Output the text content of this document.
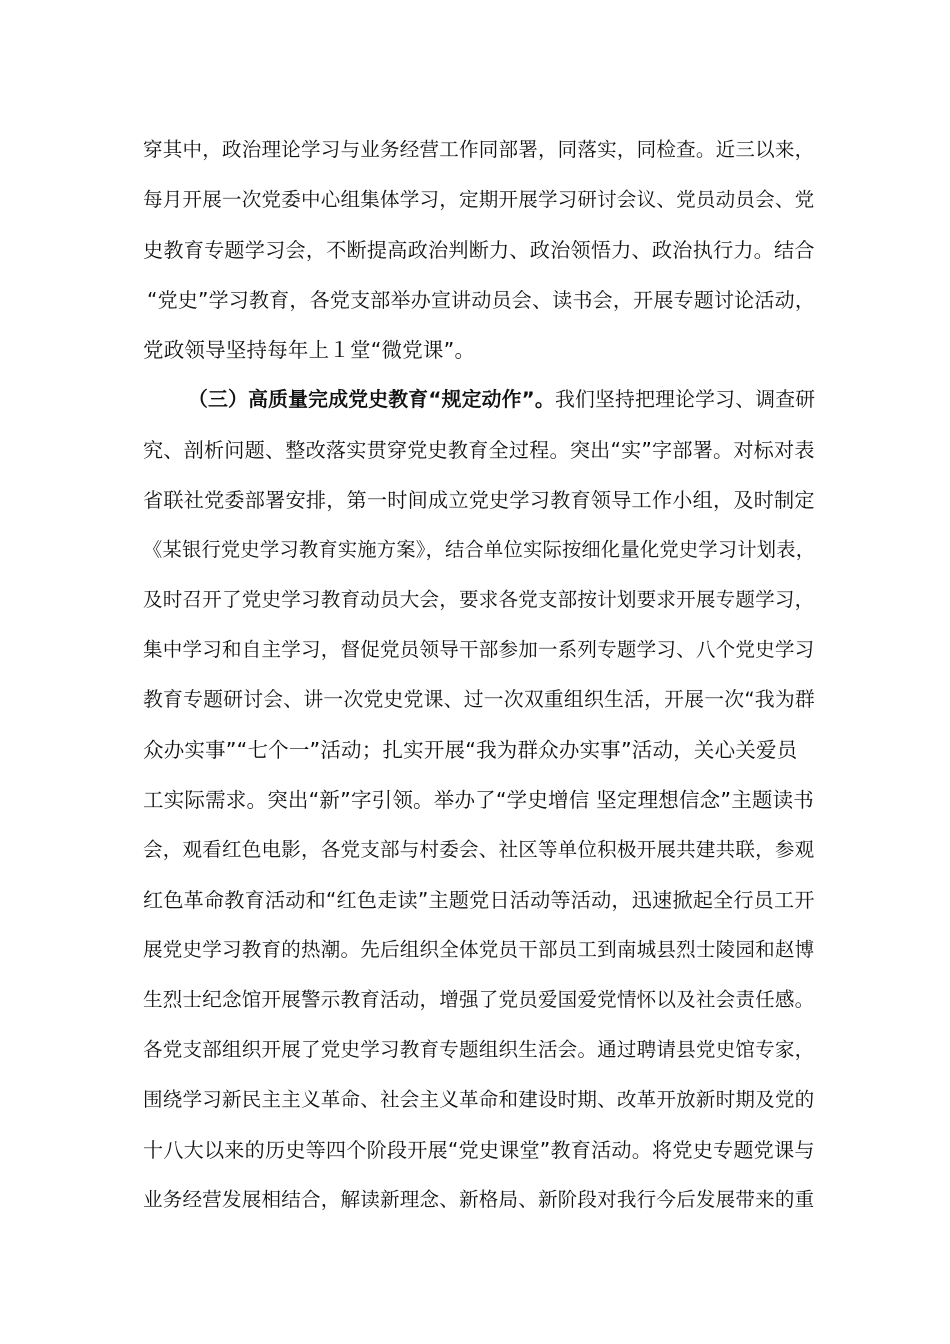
穿其中，政治理论学习与业务经营工作同部署，同落实，同检查。近三以来，
每月开展一次党委中心组集体学习，定期开展学习研讨会议、党员动员会、党
史教育专题学习会，不断提高政治判断力、政治领悟力、政治执行力。结合
“党史”学习教育，各党支部举办宣讲动员会、读书会，开展专题讨论活动，
党政领导坚持每年上１堂“微党课”。
（三）高质量完成党史教育“规定动作”。我们坚持把理论学习、调查研
究、剖析问题、整改落实贯穿党史教育全过程。突出“实”字部署。对标对表
省联社党委部署安排，第一时间成立党史学习教育领导工作小组，及时制定
《某银行党史学习教育实施方案》，结合单位实际按细化量化党史学习计划表，
及时召开了党史学习教育动员大会，要求各党支部按计划要求开展专题学习，
集中学习和自主学习，督促党员领导干部参加一系列专题学习、八个党史学习
教育专题研讨会、讲一次党史党课、过一次双重组织生活，开展一次“我为群
众办实事”“七个一”活动；扎实开展“我为群众办实事”活动，关心关爱员
工实际需求。突出“新”字引领。举办了“学史增信 坚定理想信念”主题读书
会，观看红色电影，各党支部与村委会、社区等单位积极开展共建共联，参观
红色革命教育活动和“红色走读”主题党日活动等活动，迅速掀起全行员工开
展党史学习教育的热潮。先后组织全体党员干部员工到南城县烈士陵园和赵博
生烈士纪念馆开展警示教育活动，增强了党员爱国爱党情怀以及社会责任感。
各党支部组织开展了党史学习教育专题组织生活会。通过聘请县党史馆专家，
围绕学习新民主主义革命、社会主义革命和建设时期、改革开放新时期及党的
十八大以来的历史等四个阶段开展“党史课堂”教育活动。将党史专题党课与
业务经营发展相结合，解读新理念、新格局、新阶段对我行今后发展带来的重
